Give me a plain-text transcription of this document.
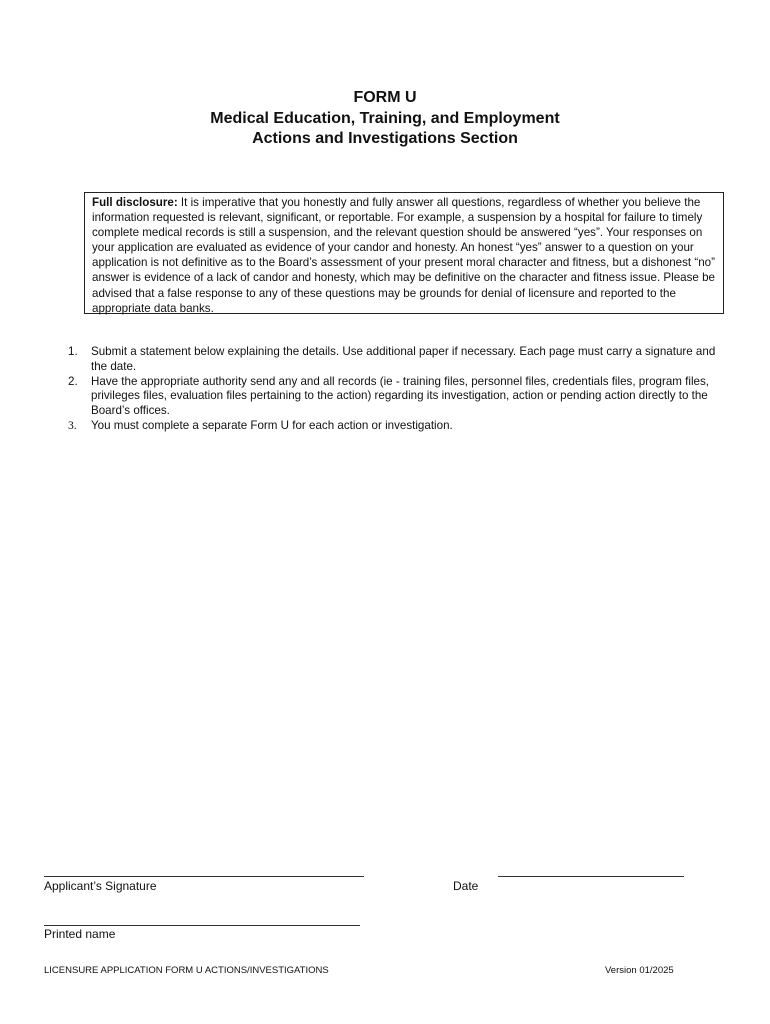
FORM U
Medical Education, Training, and Employment
Actions and Investigations Section
Full disclosure: It is imperative that you honestly and fully answer all questions, regardless of whether you believe the information requested is relevant, significant, or reportable. For example, a suspension by a hospital for failure to timely complete medical records is still a suspension, and the relevant question should be answered “yes”. Your responses on your application are evaluated as evidence of your candor and honesty. An honest “yes” answer to a question on your application is not definitive as to the Board’s assessment of your present moral character and fitness, but a dishonest “no” answer is evidence of a lack of candor and honesty, which may be definitive on the character and fitness issue. Please be advised that a false response to any of these questions may be grounds for denial of licensure and reported to the appropriate data banks.
1. Submit a statement below explaining the details. Use additional paper if necessary. Each page must carry a signature and the date.
2. Have the appropriate authority send any and all records (ie - training files, personnel files, credentials files, program files, privileges files, evaluation files pertaining to the action) regarding its investigation, action or pending action directly to the Board’s offices.
3. You must complete a separate Form U for each action or investigation.
Applicant’s Signature	Date
Printed name
LICENSURE APPLICATION FORM U ACTIONS/INVESTIGATIONS	Version 01/2025
